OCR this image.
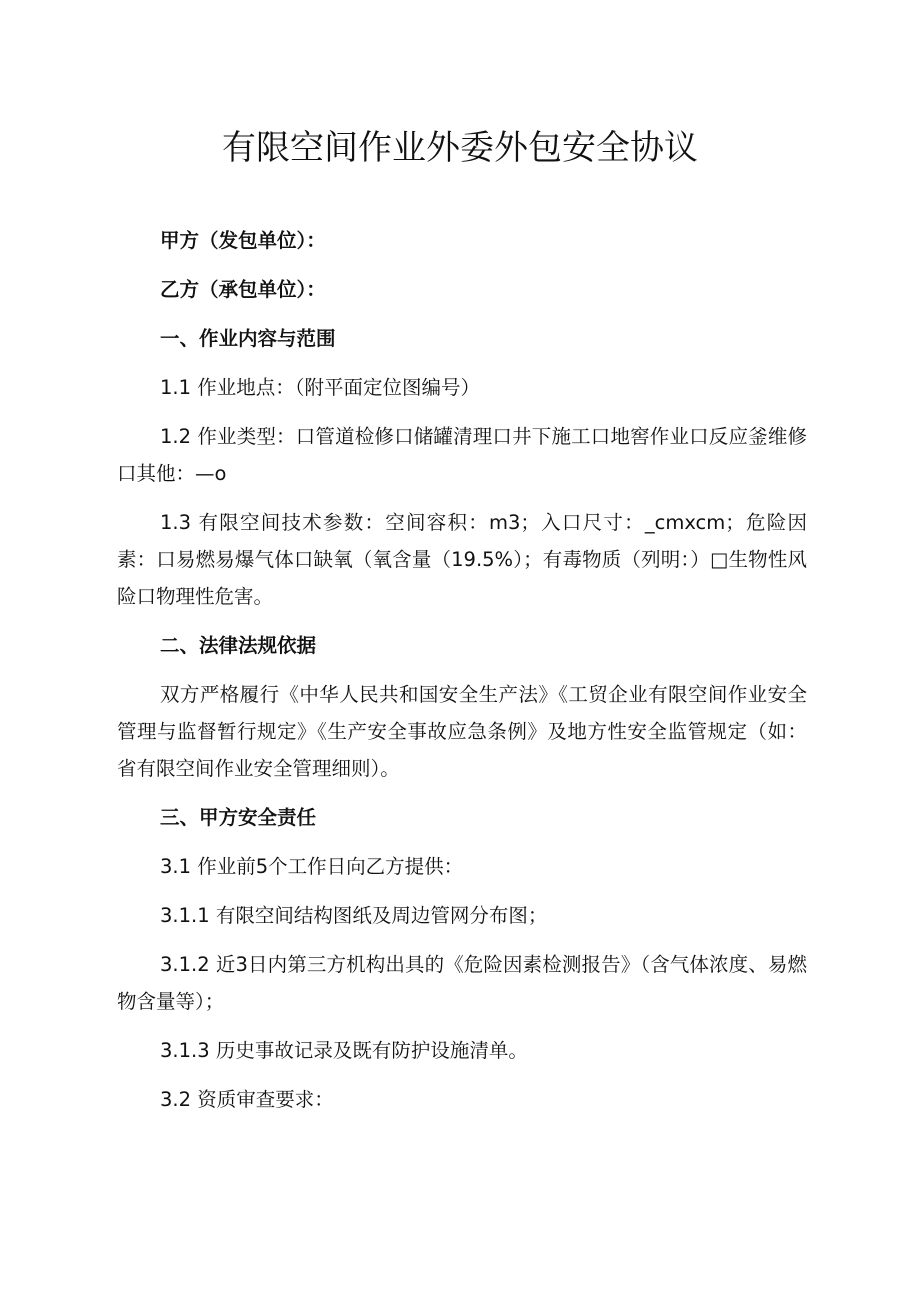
有限空间作业外委外包安全协议

甲方（发包单位）：

乙方（承包单位）：

一、作业内容与范围

1.1 作业地点：（附平面定位图编号）

1.2 作业类型：口管道检修口储罐清理口井下施工口地窖作业口反应釜维修口其他：—o

1.3 有限空间技术参数：空间容积：m3；入口尺寸：_cmxcm；危险因素：口易燃易爆气体口缺氧（氧含量（19.5%）；有毒物质（列明：）□生物性风险口物理性危害。

二、法律法规依据

双方严格履行《中华人民共和国安全生产法》《工贸企业有限空间作业安全管理与监督暂行规定》《生产安全事故应急条例》及地方性安全监管规定（如：省有限空间作业安全管理细则）。

三、甲方安全责任

3.1 作业前5个工作日向乙方提供：

3.1.1 有限空间结构图纸及周边管网分布图；

3.1.2 近3日内第三方机构出具的《危险因素检测报告》（含气体浓度、易燃物含量等）；

3.1.3 历史事故记录及既有防护设施清单。

3.2 资质审查要求：
